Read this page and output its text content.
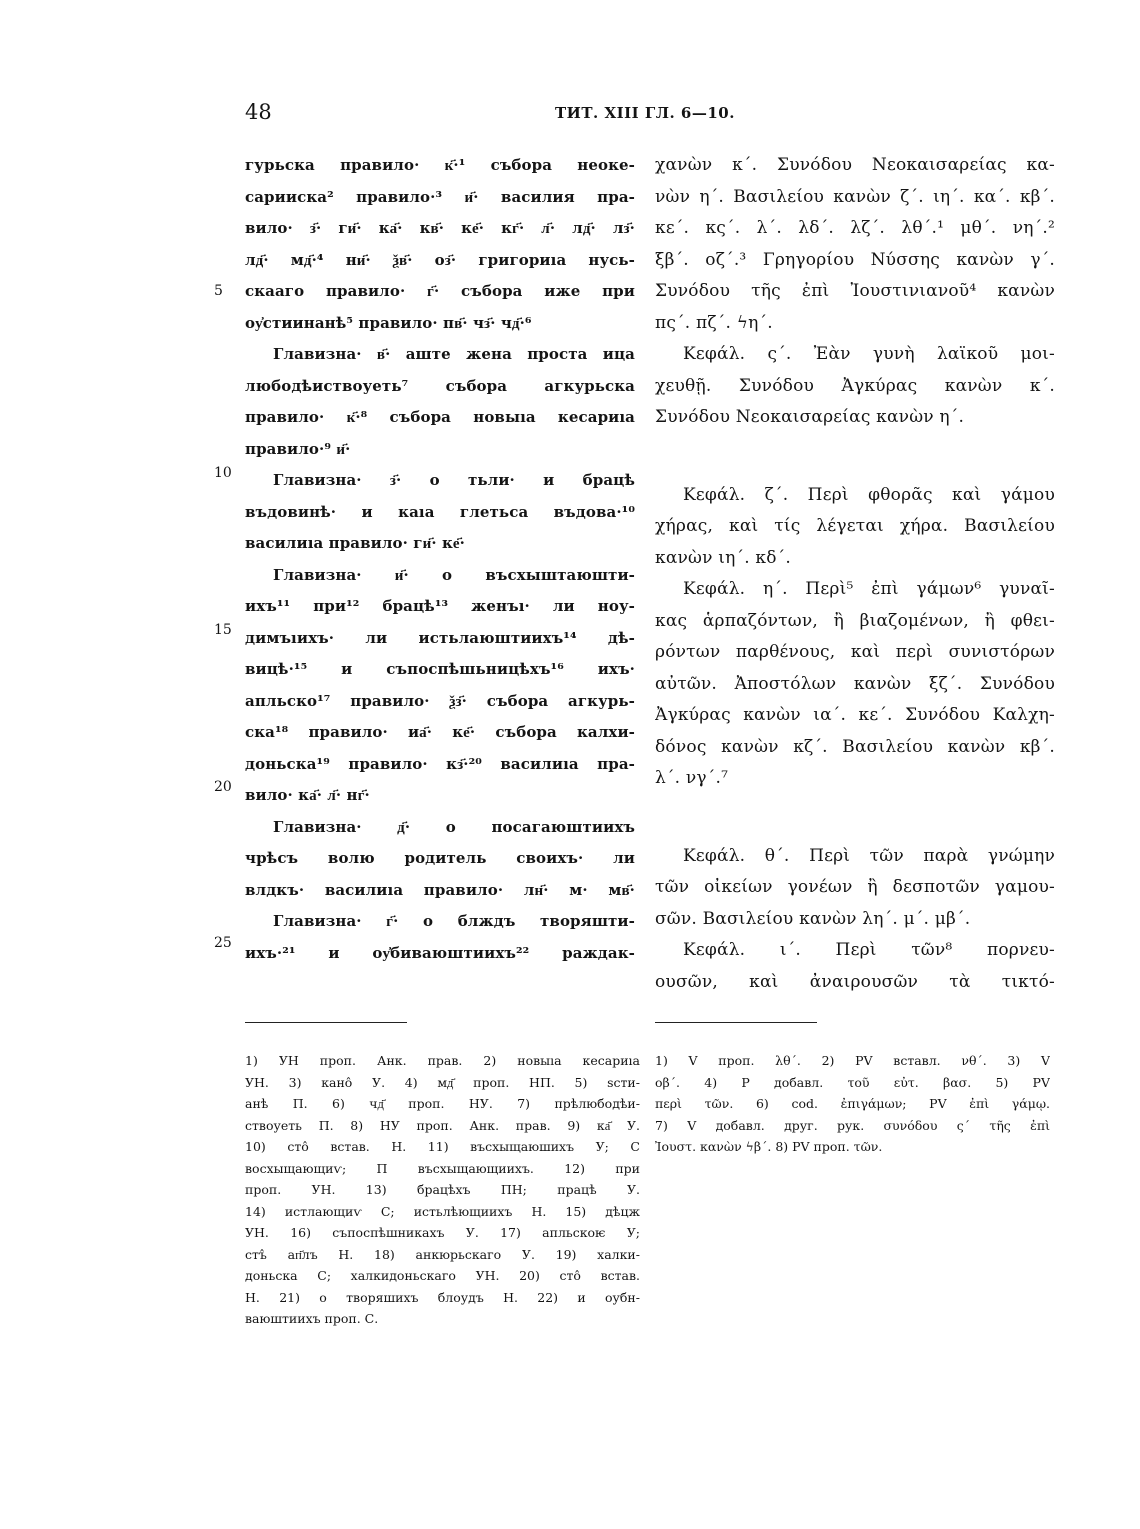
48	ТИТ. XIII ГЛ. 6—10.
5
10
15
20
25
гурьска правило· к҃·¹ събора неокe-
сарииска² правило·³ и҃· василия пра-
вило· з҃· ги҃· ка҃· кв҃· ке҃· кг҃· л҃· лд҃· лз҃·
лд҃· мд҃·⁴ ни҃· ѯв҃· оз҃· григориıа нусь-
скааго правило· г҃· събора иже при
оу҆стиинанѣ⁵ правило· пв҃· чз҃· чд҃·⁶
Главизна· в҃· аште жена проста ица
любодѣиствоуеть⁷ събора агкурьска
правило· к҃·⁸ събора новыıа кесариıа
правило·⁹ и҃·
Главизна· з҃· о тьли· и брацѣ
въдовинѣ· и каıа глетьса въдова·¹⁰
василиıа правило· ги҃· ке҃·
Главизна· и҃· о въсхыштаюшти-
ихъ¹¹ при¹² брацѣ¹³ женъı· ли ноу-
димъıихъ· ли истьлаюштиихъ¹⁴ дѣ-
вицѣ·¹⁵ и съпоспѣшьницѣхъ¹⁶ ихъ·
апльско¹⁷ правило· ѯз҃· събора агкурь-
ска¹⁸ правило· иа҃· ке҃· събора калхи-
доньска¹⁹ правило· кз҃·²⁰ василиıа пра-
вило· ка҃· л҃· нг҃·
Главизна· д҃· о посагаюштиихъ
чрѣсъ волю родитель своихъ· ли
влдкъ· василиıа правило· лн҃· м· мв҃·
Главизна· г҃· о блждъ творяшти-
ихъ·²¹ и оу҆биваюштиихъ²² раждак-
χανὼν κ΄. Συνόδου Νεοκαισαρείας κα-
νὼν η΄. Βασιλείου κανὼν ζ΄. ιη΄. κα΄. κβ΄.
κε΄. κς΄. λ΄. λδ΄. λζ΄. λθ΄.¹ μθ΄. νη΄.²
ξβ΄. οζ΄.³ Γρηγορίου Νύσσης κανὼν γ΄.
Συνόδου τῆς ἐπὶ Ἰουστινιανοῦ⁴ κανὼν
πς΄. πζ΄. ϟη΄.
Κεφάλ. ς΄. Ἐὰν γυνὴ λαϊκοῦ μοι-
χευθῇ. Συνόδου Ἀγκύρας κανὼν κ΄.
Συνόδου Νεοκαισαρείας κανὼν η΄.
Κεφάλ. ζ΄. Περὶ φθορᾶς καὶ γάμου
χήρας, καὶ τίς λέγεται χήρα. Βασιλείου
κανὼν ιη΄. κδ΄.
Κεφάλ. η΄. Περὶ⁵ ἐπὶ γάμων⁶ γυναῖ-
κας ἁρπαζόντων, ἢ βιαζομένων, ἢ φθει-
ρόντων παρθένους, καὶ περὶ συνιστόρων
αὐτῶν. Ἀποστόλων κανὼν ξζ΄. Συνόδου
Ἀγκύρας κανὼν ια΄. κε΄. Συνόδου Καλχη-
δόνος κανὼν κζ΄. Βασιλείου κανὼν κβ΄.
λ΄. νγ΄.⁷
Κεφάλ. θ΄. Περὶ τῶν παρὰ γνώμην
τῶν οἰκείων γονέων ἢ δεσποτῶν γαμου-
σῶν. Βασιλείου κανὼν λη΄. μ΄. μβ΄.
Κεφάλ. ι΄. Περὶ τῶν⁸ πορνευ-
ουσῶν, καὶ ἀναιρουσῶν τὰ τικτό-
1) УН проп. Анк. прав. 2) новыıа кесариıа
УН. 3) кано̂ У. 4) мд҃ проп. НП. 5) ѕсти-
анѣ П. 6) чд҃ проп. НУ. 7) прѣлюбодѣи-
ствоуеть П. 8) НУ проп. Анк. прав. 9) ка҃ У.
10) сто̂ встав. Н. 11) въсхыщаюшихъ У; С
восхыщающиѵ; П въсхыщающиихъ. 12) при
проп. УН. 13) брацѣхъ ПН; працѣ У.
14) истлающиѵ С; истьлѣющиихъ Н. 15) дѣцж
УН. 16) съпоспѣшникахъ У. 17) апльскоѥ У;
стъ̂ ап҃лъ Н. 18) анкюрьскаго У. 19) халки-
доньска С; халкидоньскаго УН. 20) сто̂ встав.
Н. 21) о творяшихъ блоудъ Н. 22) и оубн-
ваюштиихъ проп. С.
1) V проп. λθ΄. 2) PV вставл. νθ΄. 3) V
οβ΄. 4) P добавл. τοῦ εὐτ. βασ. 5) PV
περὶ τῶν. 6) cod. ἐπιγάμων; PV ἐπὶ γάμῳ.
7) V добавл. друг. рук. συνόδου ς΄ τῆς ἐπὶ
Ἰουστ. κανὼν ϟβ΄. 8) PV проп. τῶν.
